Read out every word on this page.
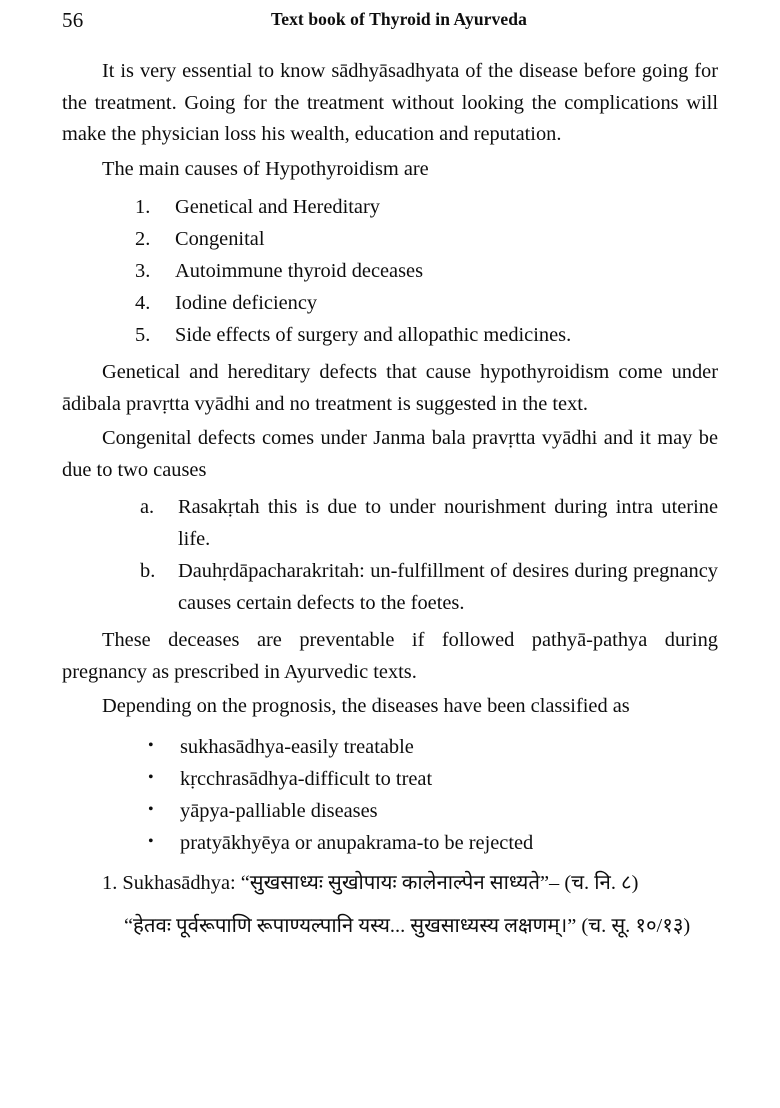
56	Text book of Thyroid in Ayurveda

It is very essential to know sādhyāsadhyata of the disease before going for the treatment. Going for the treatment without looking the complications will make the physician loss his wealth, education and reputation.

The main causes of Hypothyroidism are

1. Genetical and Hereditary
2. Congenital
3. Autoimmune thyroid deceases
4. Iodine deficiency
5. Side effects of surgery and allopathic medicines.

Genetical and hereditary defects that cause hypothyroidism come under ādibala pravṛtta vyādhi and no treatment is suggested in the text.

Congenital defects comes under Janma bala pravṛtta vyādhi and it may be due to two causes

a. Rasakṛtah this is due to under nourishment during intra uterine life.
b. Dauhṛdāpacharakritah: un-fulfillment of desires during pregnancy causes certain defects to the foetes.

These deceases are preventable if followed pathyā-pathya during pregnancy as prescribed in Ayurvedic texts.

Depending on the prognosis, the diseases have been classified as

• sukhasādhya-easily treatable
• kṛcchrasādhya-difficult to treat
• yāpya-palliable diseases
• pratyākhyēya or anupakrama-to be rejected

1. Sukhasādhya: “सुखसाध्यः सुखोपायः कालेनाल्पेन साध्यते”– (च. नि. ८)

“हेतवः पूर्वरूपाणि रूपाण्यल्पानि यस्य... सुखसाध्यस्य लक्षणम्।” (च. सू. १०/१३)
